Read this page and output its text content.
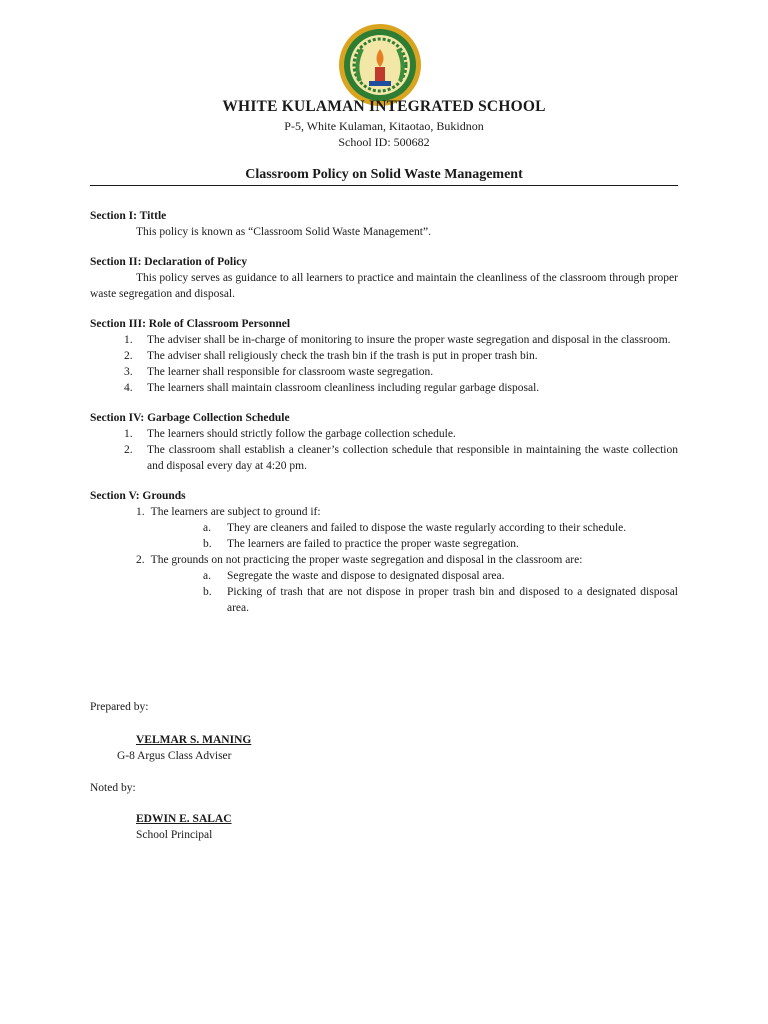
WHITE KULAMAN INTEGRATED SCHOOL
P-5, White Kulaman, Kitaotao, Bukidnon
School ID: 500682
Classroom Policy on Solid Waste Management
Section I: Tittle
This policy is known as “Classroom Solid Waste Management”.
Section II: Declaration of Policy
This policy serves as guidance to all learners to practice and maintain the cleanliness of the classroom through proper waste segregation and disposal.
Section III: Role of Classroom Personnel
1. The adviser shall be in-charge of monitoring to insure the proper waste segregation and disposal in the classroom.
2. The adviser shall religiously check the trash bin if the trash is put in proper trash bin.
3. The learner shall responsible for classroom waste segregation.
4. The learners shall maintain classroom cleanliness including regular garbage disposal.
Section IV: Garbage Collection Schedule
1. The learners should strictly follow the garbage collection schedule.
2. The classroom shall establish a cleaner’s collection schedule that responsible in maintaining the waste collection and disposal every day at 4:20 pm.
Section V: Grounds
1. The learners are subject to ground if:
a. They are cleaners and failed to dispose the waste regularly according to their schedule.
b. The learners are failed to practice the proper waste segregation.
2. The grounds on not practicing the proper waste segregation and disposal in the classroom are:
a. Segregate the waste and dispose to designated disposal area.
b. Picking of trash that are not dispose in proper trash bin and disposed to a designated disposal area.
Prepared by:
VELMAR S. MANING
G-8 Argus Class Adviser
Noted by:
EDWIN E. SALAC
School Principal
